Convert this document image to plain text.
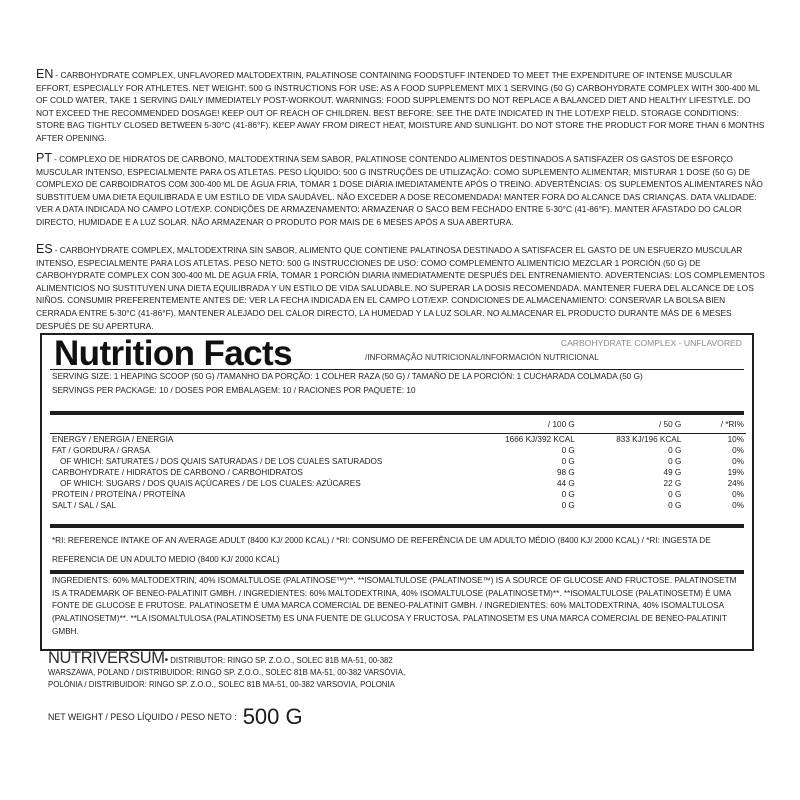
EN - CARBOHYDRATE COMPLEX, UNFLAVORED MALTODEXTRIN, PALATINOSE CONTAINING FOODSTUFF INTENDED TO MEET THE EXPENDITURE OF INTENSE MUSCULAR EFFORT, ESPECIALLY FOR ATHLETES. NET WEIGHT: 500 G INSTRUCTIONS FOR USE: AS A FOOD SUPPLEMENT MIX 1 SERVING (50 G) CARBOHYDRATE COMPLEX WITH 300-400 ML OF COLD WATER, TAKE 1 SERVING DAILY IMMEDIATELY POST-WORKOUT. WARNINGS: FOOD SUPPLEMENTS DO NOT REPLACE A BALANCED DIET AND HEALTHY LIFESTYLE. DO NOT EXCEED THE RECOMMENDED DOSAGE! KEEP OUT OF REACH OF CHILDREN. BEST BEFORE: SEE THE DATE INDICATED IN THE LOT/EXP FIELD. STORAGE CONDITIONS: STORE BAG TIGHTLY CLOSED BETWEEN 5-30°C (41-86°F). KEEP AWAY FROM DIRECT HEAT, MOISTURE AND SUNLIGHT. DO NOT STORE THE PRODUCT FOR MORE THAN 6 MONTHS AFTER OPENING.
PT - COMPLEXO DE HIDRATOS DE CARBONO, MALTODEXTRINA SEM SABOR, PALATINOSE CONTENDO ALIMENTOS DESTINADOS A SATISFAZER OS GASTOS DE ESFORÇO MUSCULAR INTENSO, ESPECIALMENTE PARA OS ATLETAS. PESO LÍQUIDO: 500 G INSTRUÇÕES DE UTILIZAÇÃO: COMO SUPLEMENTO ALIMENTAR, MISTURAR 1 DOSE (50 G) DE COMPLEXO DE CARBOIDRATOS COM 300-400 ML DE ÁGUA FRIA, TOMAR 1 DOSE DIÁRIA IMEDIATAMENTE APÓS O TREINO. ADVERTÊNCIAS: OS SUPLEMENTOS ALIMENTARES NÃO SUBSTITUEM UMA DIETA EQUILIBRADA E UM ESTILO DE VIDA SAUDÁVEL. NÃO EXCEDER A DOSE RECOMENDADA! MANTER FORA DO ALCANCE DAS CRIANÇAS. DATA VALIDADE: VER A DATA INDICADA NO CAMPO LOT/EXP. CONDIÇÕES DE ARMAZENAMENTO: ARMAZENAR O SACO BEM FECHADO ENTRE 5-30°C (41-86°F). MANTER AFASTADO DO CALOR DIRECTO, HUMIDADE E A LUZ SOLAR. NÃO ARMAZENAR O PRODUTO POR MAIS DE 6 MESES APÓS A SUA ABERTURA.
ES - CARBOHYDRATE COMPLEX, MALTODEXTRINA SIN SABOR, ALIMENTO QUE CONTIENE PALATINOSA DESTINADO A SATISFACER EL GASTO DE UN ESFUERZO MUSCULAR INTENSO, ESPECIALMENTE PARA LOS ATLETAS. PESO NETO: 500 G INSTRUCCIONES DE USO: COMO COMPLEMENTO ALIMENTICIO MEZCLAR 1 PORCIÓN (50 G) DE CARBOHYDRATE COMPLEX CON 300-400 ML DE AGUA FRÍA, TOMAR 1 PORCIÓN DIARIA INMEDIATAMENTE DESPUÉS DEL ENTRENAMIENTO. ADVERTENCIAS: LOS COMPLEMENTOS ALIMENTICIOS NO SUSTITUYEN UNA DIETA EQUILIBRADA Y UN ESTILO DE VIDA SALUDABLE. NO SUPERAR LA DOSIS RECOMENDADA. MANTENER FUERA DEL ALCANCE DE LOS NIÑOS. CONSUMIR PREFERENTEMENTE ANTES DE: VER LA FECHA INDICADA EN EL CAMPO LOT/EXP. CONDICIONES DE ALMACENAMIENTO: CONSERVAR LA BOLSA BIEN CERRADA ENTRE 5-30°C (41-86°F). MANTENER ALEJADO DEL CALOR DIRECTO, LA HUMEDAD Y LA LUZ SOLAR. NO ALMACENAR EL PRODUCTO DURANTE MÁS DE 6 MESES DESPUÉS DE SU APERTURA.
Nutrition Facts	/INFORMAÇÃO NUTRICIONAL/INFORMACIÓN NUTRICIONAL
CARBOHYDRATE COMPLEX - UNFLAVORED
SERVING SIZE: 1 HEAPING SCOOP (50 G) /TAMANHO DA PORÇÃO: 1 COLHER RAZA (50 G) / TAMAÑO DE LA PORCIÓN: 1 CUCHARADA COLMADA (50 G)
SERVINGS PER PACKAGE: 10 / DOSES POR EMBALAGEM: 10 / RACIONES POR PAQUETE: 10
	/ 100 G	/ 50 G	/ *RI%
ENERGY / ENERGIA / ENERGIA	1666 KJ/392 KCAL	833 KJ/196 KCAL	10%
FAT / GORDURA / GRASA	0 G	0 G	0%
OF WHICH: SATURATES / DOS QUAIS SATURADAS / DE LOS CUALES SATURADOS	0 G	0 G	0%
CARBOHYDRATE / HIDRATOS DE CARBONO / CARBOHIDRATOS	98 G	49 G	19%
OF WHICH: SUGARS / DOS QUAIS AÇÚCARES / DE LOS CUALES: AZÚCARES	44 G	22 G	24%
PROTEIN / PROTEÍNA / PROTEÍNA	0 G	0 G	0%
SALT / SAL / SAL	0 G	0 G	0%
*RI: REFERENCE INTAKE OF AN AVERAGE ADULT (8400 KJ/ 2000 KCAL) / *RI: CONSUMO DE REFERÊNCIA DE UM ADULTO MÉDIO (8400 KJ/ 2000 KCAL) / *RI: INGESTA DE REFERENCIA DE UN ADULTO MEDIO (8400 KJ/ 2000 KCAL)
INGREDIENTS: 60% MALTODEXTRIN, 40% ISOMALTULOSE (PALATINOSE™)**. **ISOMALTULOSE (PALATINOSE™) IS A SOURCE OF GLUCOSE AND FRUCTOSE. PALATINOSETM IS A TRADEMARK OF BENEO-PALATINIT GMBH. / INGREDIENTES: 60% MALTODEXTRINA, 40% ISOMALTULOSE (PALATINOSETM)**. **ISOMALTULOSE (PALATINOSETM) É UMA FONTE DE GLUCOSE E FRUTOSE. PALATINOSETM É UMA MARCA COMERCIAL DE BENEO-PALATINIT GMBH. / INGREDIENTES: 60% MALTODEXTRINA, 40% ISOMALTULOSA (PALATINOSETM)**. **LA ISOMALTULOSA (PALATINOSETM) ES UNA FUENTE DE GLUCOSA Y FRUCTOSA. PALATINOSETM ES UNA MARCA COMERCIAL DE BENEO-PALATINIT GMBH.
NUTRIVERSUM• DISTRIBUTOR: RINGO SP. Z.O.O., SOLEC 81B MA-51, 00-382 WARSZAWA, POLAND / DISTRIBUIDOR: RINGO SP. Z.O.O., SOLEC 81B MA-51, 00-382 VARSÓVIA, POLÓNIA / DISTRIBUIDOR: RINGO SP. Z.O.O., SOLEC 81B MA-51, 00-382 VARSOVIA, POLONIA
NET WEIGHT / PESO LÍQUIDO / PESO NETO : 500 G
